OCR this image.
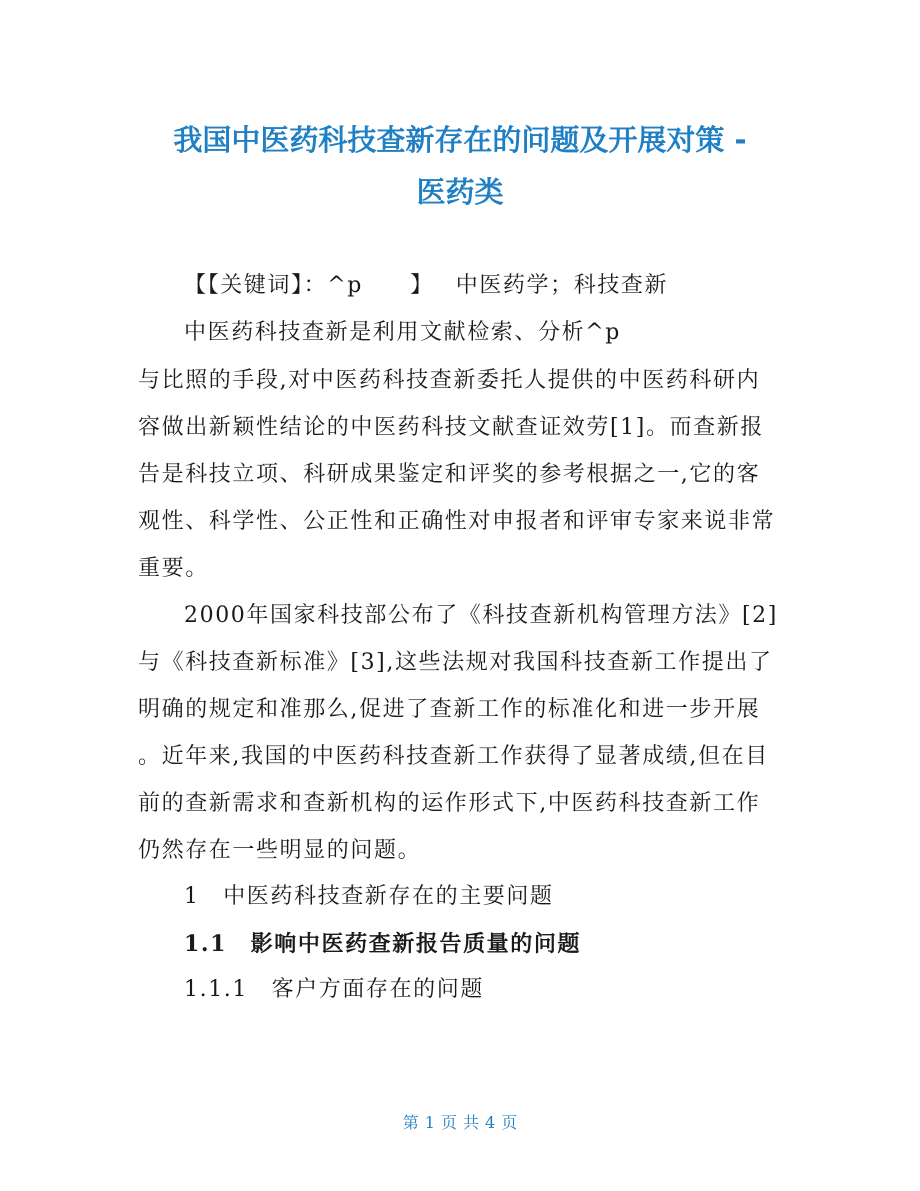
我国中医药科技查新存在的问题及开展对策 -
医药类
【【关键词】：^p　　】 中医药学；科技查新
中医药科技查新是利用文献检索、分析^p
与比照的手段,对中医药科技查新委托人提供的中医药科研内
容做出新颖性结论的中医药科技文献查证效劳[1]。而查新报
告是科技立项、科研成果鉴定和评奖的参考根据之一,它的客
观性、科学性、公正性和正确性对申报者和评审专家来说非常
重要。
2000年国家科技部公布了《科技查新机构管理方法》[2]
与《科技查新标准》[3],这些法规对我国科技查新工作提出了
明确的规定和准那么,促进了查新工作的标准化和进一步开展
。近年来,我国的中医药科技查新工作获得了显著成绩,但在目
前的查新需求和查新机构的运作形式下,中医药科技查新工作
仍然存在一些明显的问题。
1　中医药科技查新存在的主要问题
1.1　影响中医药查新报告质量的问题
1.1.1　客户方面存在的问题
第 1 页 共 4 页
